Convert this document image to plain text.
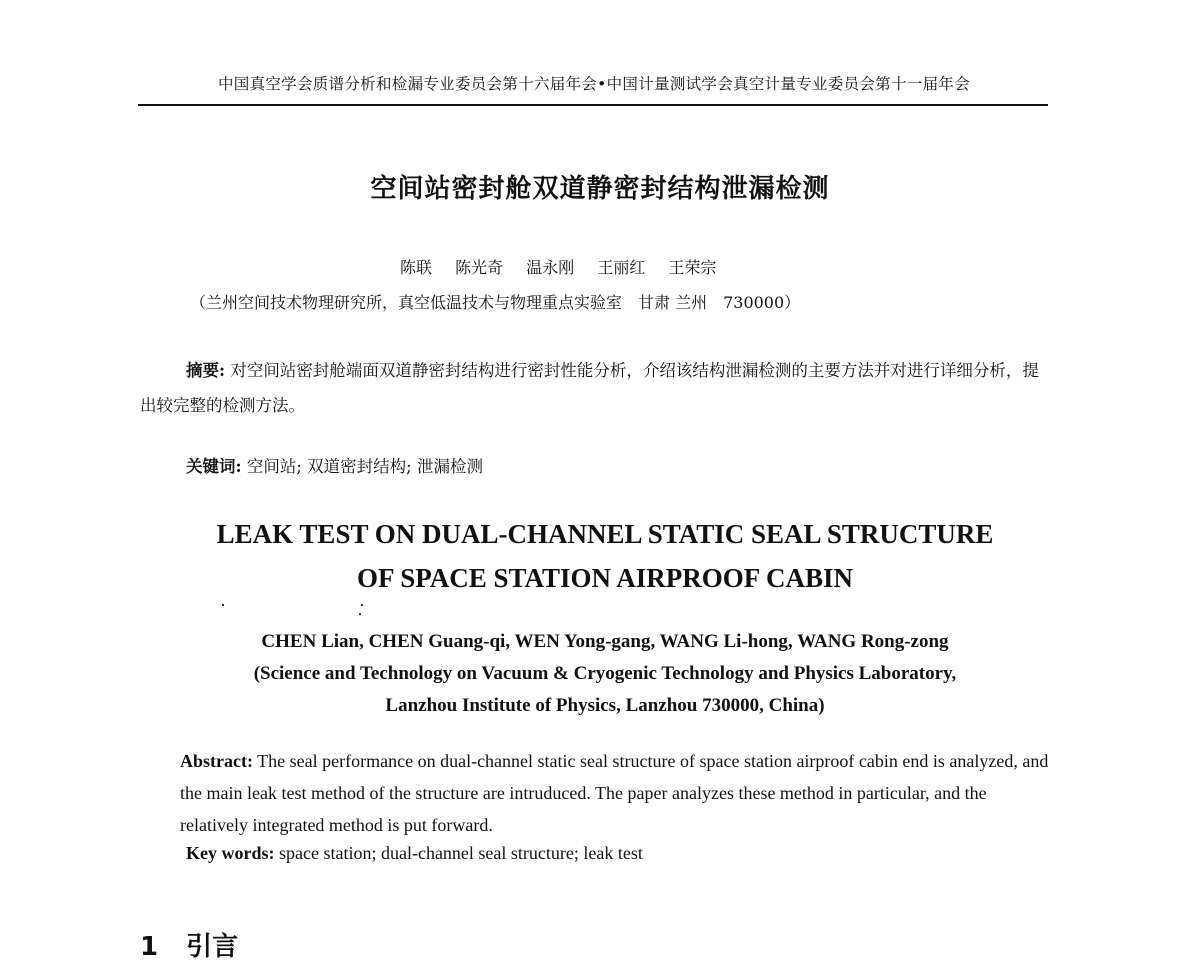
中国真空学会质谱分析和检漏专业委员会第十六届年会•中国计量测试学会真空计量专业委员会第十一届年会
空间站密封舱双道静密封结构泄漏检测
陈联 陈光奇 温永刚 王丽红 王荣宗
（兰州空间技术物理研究所，真空低温技术与物理重点实验室　甘肃 兰州　730000）
摘要: 对空间站密封舱端面双道静密封结构进行密封性能分析，介绍该结构泄漏检测的主要方法并对进行详细分析，提出较完整的检测方法。
关键词: 空间站; 双道密封结构; 泄漏检测
LEAK TEST ON DUAL-CHANNEL STATIC SEAL STRUCTURE
OF SPACE STATION AIRPROOF CABIN
CHEN Lian, CHEN Guang-qi, WEN Yong-gang, WANG Li-hong, WANG Rong-zong
(Science and Technology on Vacuum & Cryogenic Technology and Physics Laboratory,
Lanzhou Institute of Physics, Lanzhou 730000, China)
Abstract: The seal performance on dual-channel static seal structure of space station airproof cabin end is analyzed, and the main leak test method of the structure are intruduced. The paper analyzes these method in particular, and the relatively integrated method is put forward.
Key words: space station; dual-channel seal structure; leak test
1 引言
